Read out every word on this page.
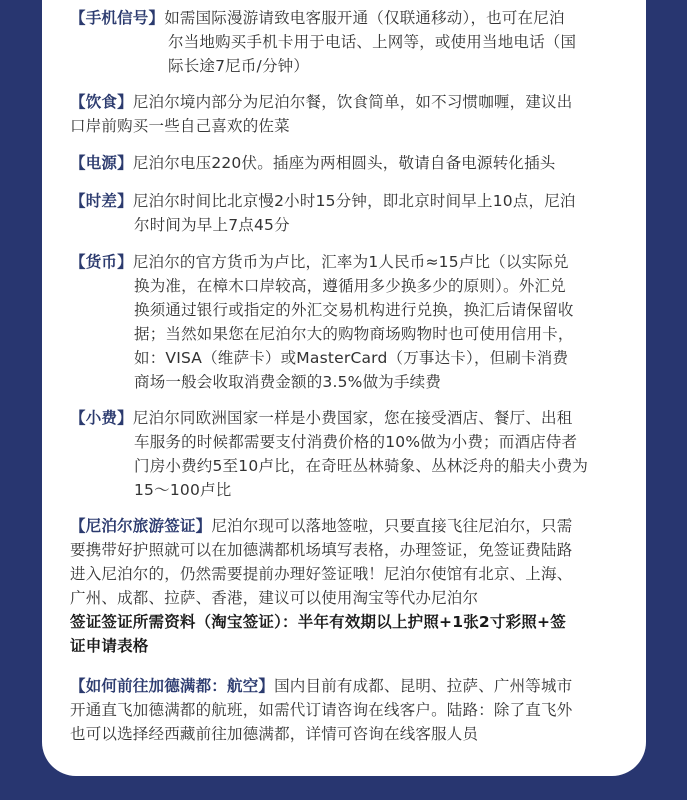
【手机信号】如需国际漫游请致电客服开通（仅联通移动），也可在尼泊
尔当地购买手机卡用于电话、上网等，或使用当地电话（国
际长途7尼币/分钟）
【饮食】尼泊尔境内部分为尼泊尔餐，饮食简单，如不习惯咖喱，建议出
口岸前购买一些自己喜欢的佐菜
【电源】尼泊尔电压220伏。插座为两相圆头，敬请自备电源转化插头
【时差】尼泊尔时间比北京慢2小时15分钟，即北京时间早上10点，尼泊
尔时间为早上7点45分
【货币】尼泊尔的官方货币为卢比，汇率为1人民币≈15卢比（以实际兑
换为准，在樟木口岸较高，遵循用多少换多少的原则）。外汇兑
换须通过银行或指定的外汇交易机构进行兑换，换汇后请保留收
据；当然如果您在尼泊尔大的购物商场购物时也可使用信用卡，
如：VISA（维萨卡）或MasterCard（万事达卡），但刷卡消费
商场一般会收取消费金额的3.5%做为手续费
【小费】尼泊尔同欧洲国家一样是小费国家，您在接受酒店、餐厅、出租
车服务的时候都需要支付消费价格的10%做为小费；而酒店侍者
门房小费约5至10卢比，在奇旺丛林骑象、丛林泛舟的船夫小费为
15～100卢比
【尼泊尔旅游签证】尼泊尔现可以落地签啦，只要直接飞往尼泊尔，只需
要携带好护照就可以在加德满都机场填写表格，办理签证，免签证费陆路
进入尼泊尔的，仍然需要提前办理好签证哦！尼泊尔使馆有北京、上海、
广州、成都、拉萨、香港，建议可以使用淘宝等代办尼泊尔
签证签证所需资料（淘宝签证）：半年有效期以上护照+1张2寸彩照+签
证申请表格
【如何前往加德满都：航空】国内目前有成都、昆明、拉萨、广州等城市
开通直飞加德满都的航班，如需代订请咨询在线客户。陆路：除了直飞外
也可以选择经西藏前往加德满都，详情可咨询在线客服人员
